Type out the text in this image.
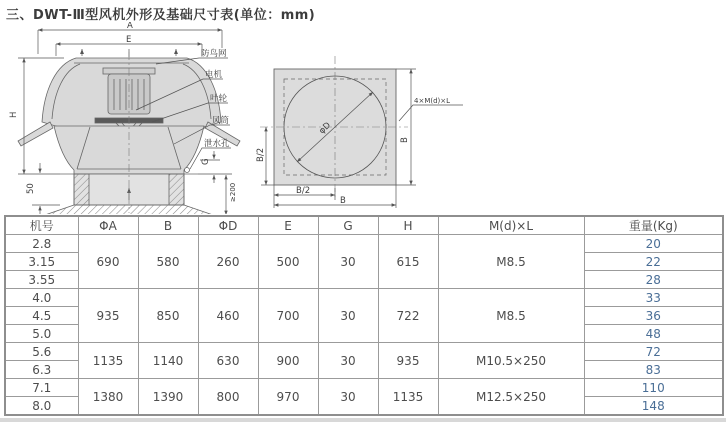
三、DWT-Ⅲ型风机外形及基础尺寸表(单位：mm)
A
E
H
50
G
≥200
防鸟网
电机
叶轮
风筒
泄水孔
φD
4×M(d)×L
B
B/2
B/2
B
机号	ΦA	B	ΦD	E	G	H	M(d)×L	重量(Kg)
2.8	690	580	260	500	30	615	M8.5	20
3.15								22
3.55								28
4.0	935	850	460	700	30	722	M8.5	33
4.5								36
5.0								48
5.6	1135	1140	630	900	30	935	M10.5×250	72
6.3								83
7.1	1380	1390	800	970	30	1135	M12.5×250	110
8.0								148
